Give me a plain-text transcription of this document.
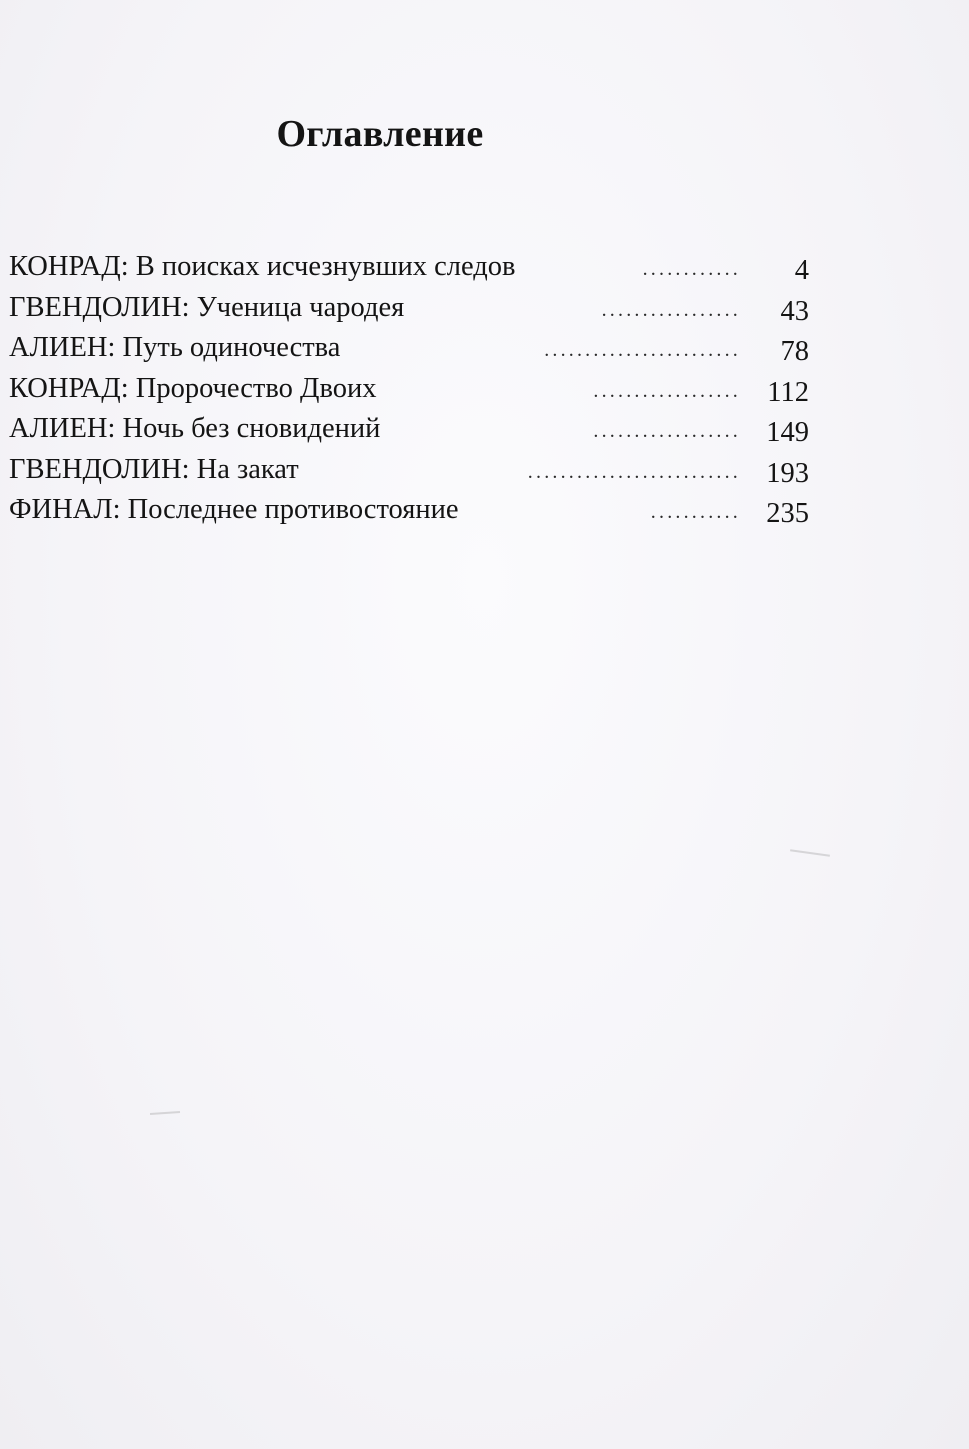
Оглавление
КОНРАД: В поисках исчезнувших следов	............ 4
ГВЕНДОЛИН: Ученица чародея	................. 43
АЛИЕН: Путь одиночества	........................ 78
КОНРАД: Пророчество Двоих	.................. 112
АЛИЕН: Ночь без сновидений	.................. 149
ГВЕНДОЛИН: На закат	.......................... 193
ФИНАЛ: Последнее противостояние	........... 235
